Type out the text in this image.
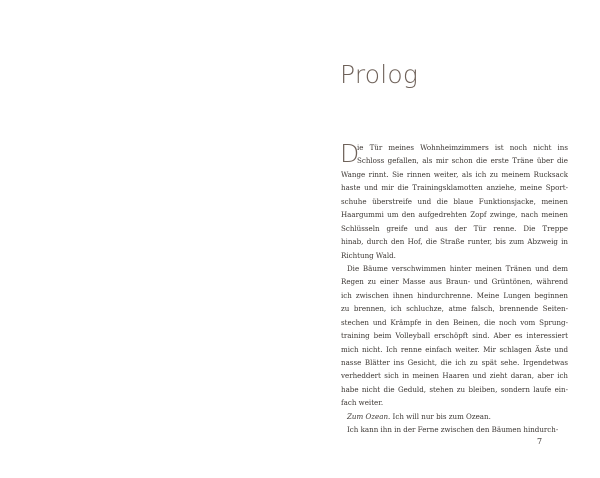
Prolog
D
ie Tür meines Wohnheimzimmers ist noch nicht ins
Schloss gefallen, als mir schon die erste Träne über die
Wange rinnt. Sie rinnen weiter, als ich zu meinem Rucksack
haste und mir die Trainingsklamotten anziehe, meine Sport-
schuhe überstreife und die blaue Funktionsjacke, meinen
Haargummi um den aufgedrehten Zopf zwinge, nach meinen
Schlüsseln greife und aus der Tür renne. Die Treppe
hinab, durch den Hof, die Straße runter, bis zum Abzweig in
Richtung Wald.
Die Bäume verschwimmen hinter meinen Tränen und dem
Regen zu einer Masse aus Braun- und Grüntönen, während
ich zwischen ihnen hindurchrenne. Meine Lungen beginnen
zu brennen, ich schluchze, atme falsch, brennende Seiten-
stechen und Krämpfe in den Beinen, die noch vom Sprung-
training beim Volleyball erschöpft sind. Aber es interessiert
mich nicht. Ich renne einfach weiter. Mir schlagen Äste und
nasse Blätter ins Gesicht, die ich zu spät sehe. Irgendetwas
verheddert sich in meinen Haaren und zieht daran, aber ich
habe nicht die Geduld, stehen zu bleiben, sondern laufe ein-
fach weiter.
Zum Ozean. Ich will nur bis zum Ozean.
Ich kann ihn in der Ferne zwischen den Bäumen hindurch-
7
